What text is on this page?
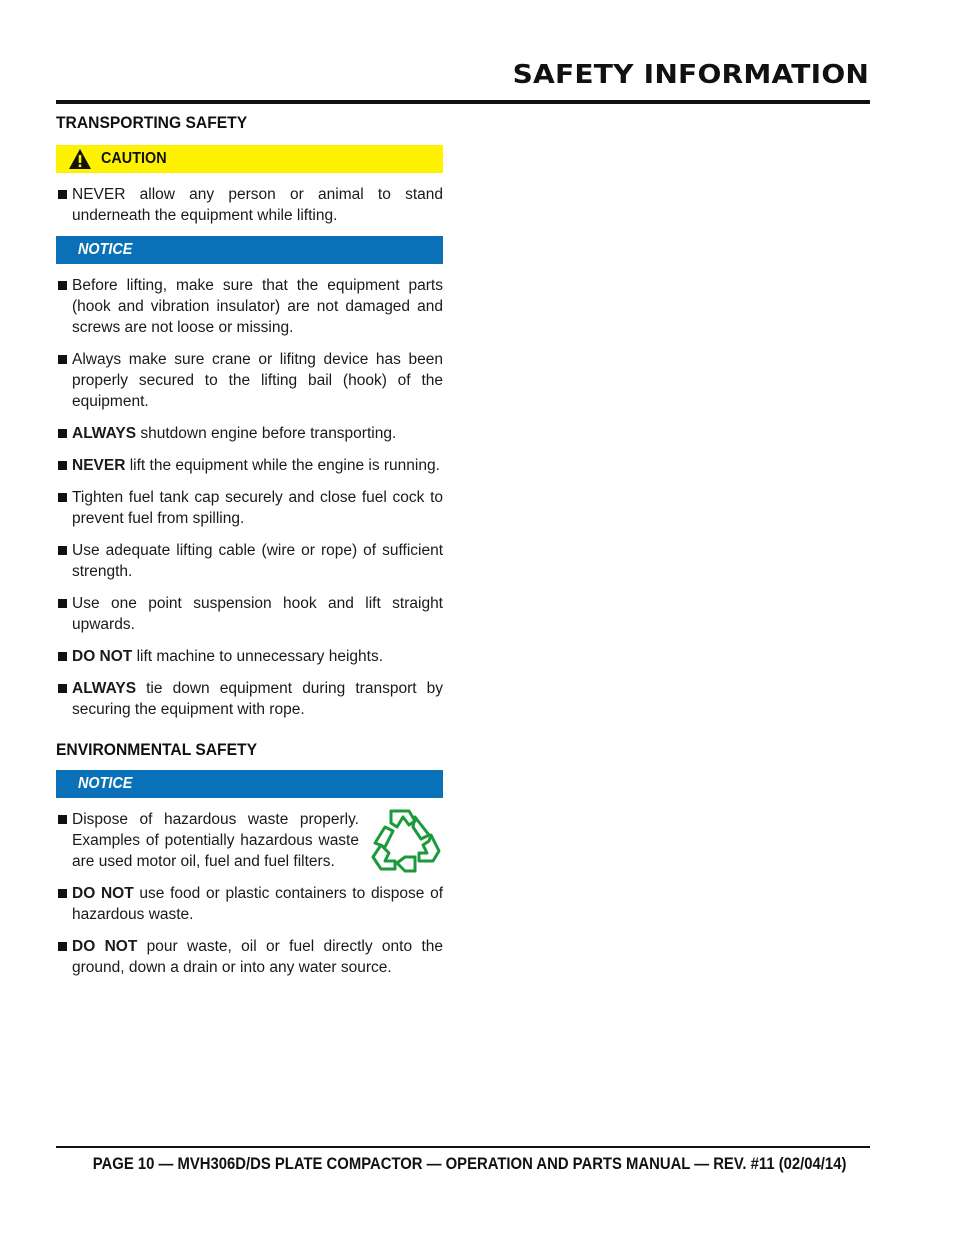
SAFETY INFORMATION
TRANSPORTING SAFETY
CAUTION
NEVER allow any person or animal to stand underneath the equipment while lifting.
NOTICE
Before lifting, make sure that the equipment parts (hook and vibration insulator) are not damaged and screws are not loose or missing.
Always make sure crane or lifitng device has been properly secured to the lifting bail (hook) of the equipment.
ALWAYS shutdown engine before transporting.
NEVER lift the equipment while the engine is running.
Tighten fuel tank cap securely and close fuel cock to prevent fuel from spilling.
Use adequate lifting cable (wire or rope) of sufficient strength.
Use one point suspension hook and lift straight upwards.
DO NOT lift machine to unnecessary heights.
ALWAYS tie down equipment during transport by securing the equipment with rope.
ENVIRONMENTAL SAFETY
NOTICE
Dispose of hazardous waste properly. Examples of potentially hazardous waste are used motor oil, fuel and fuel filters.
DO NOT use food or plastic containers to dispose of hazardous waste.
DO NOT pour waste, oil or fuel directly onto the ground, down a drain or into any water source.
PAGE 10 — MVH306D/DS PLATE COMPACTOR — OPERATION AND PARTS MANUAL — REV. #11 (02/04/14)
